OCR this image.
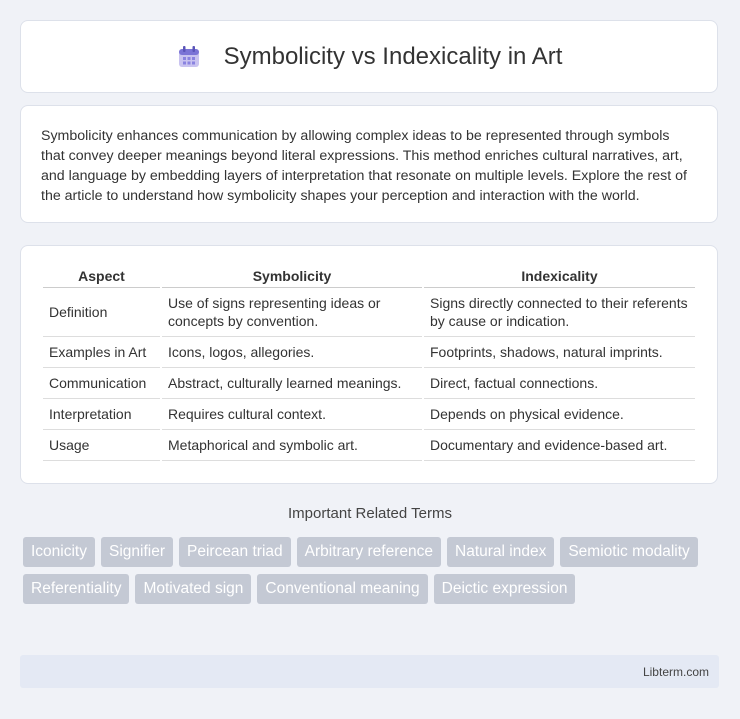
Symbolicity vs Indexicality in Art

Symbolicity enhances communication by allowing complex ideas to be represented through symbols that convey deeper meanings beyond literal expressions. This method enriches cultural narratives, art, and language by embedding layers of interpretation that resonate on multiple levels. Explore the rest of the article to understand how symbolicity shapes your perception and interaction with the world.

Aspect	Symbolicity	Indexicality
Definition	Use of signs representing ideas or concepts by convention.	Signs directly connected to their referents by cause or indication.
Examples in Art	Icons, logos, allegories.	Footprints, shadows, natural imprints.
Communication	Abstract, culturally learned meanings.	Direct, factual connections.
Interpretation	Requires cultural context.	Depends on physical evidence.
Usage	Metaphorical and symbolic art.	Documentary and evidence-based art.
Important Related Terms
Iconicity	Signifier	Peircean triad	Arbitrary reference	Natural index	Semiotic modality
Referentiality	Motivated sign	Conventional meaning	Deictic expression
Libterm.com
